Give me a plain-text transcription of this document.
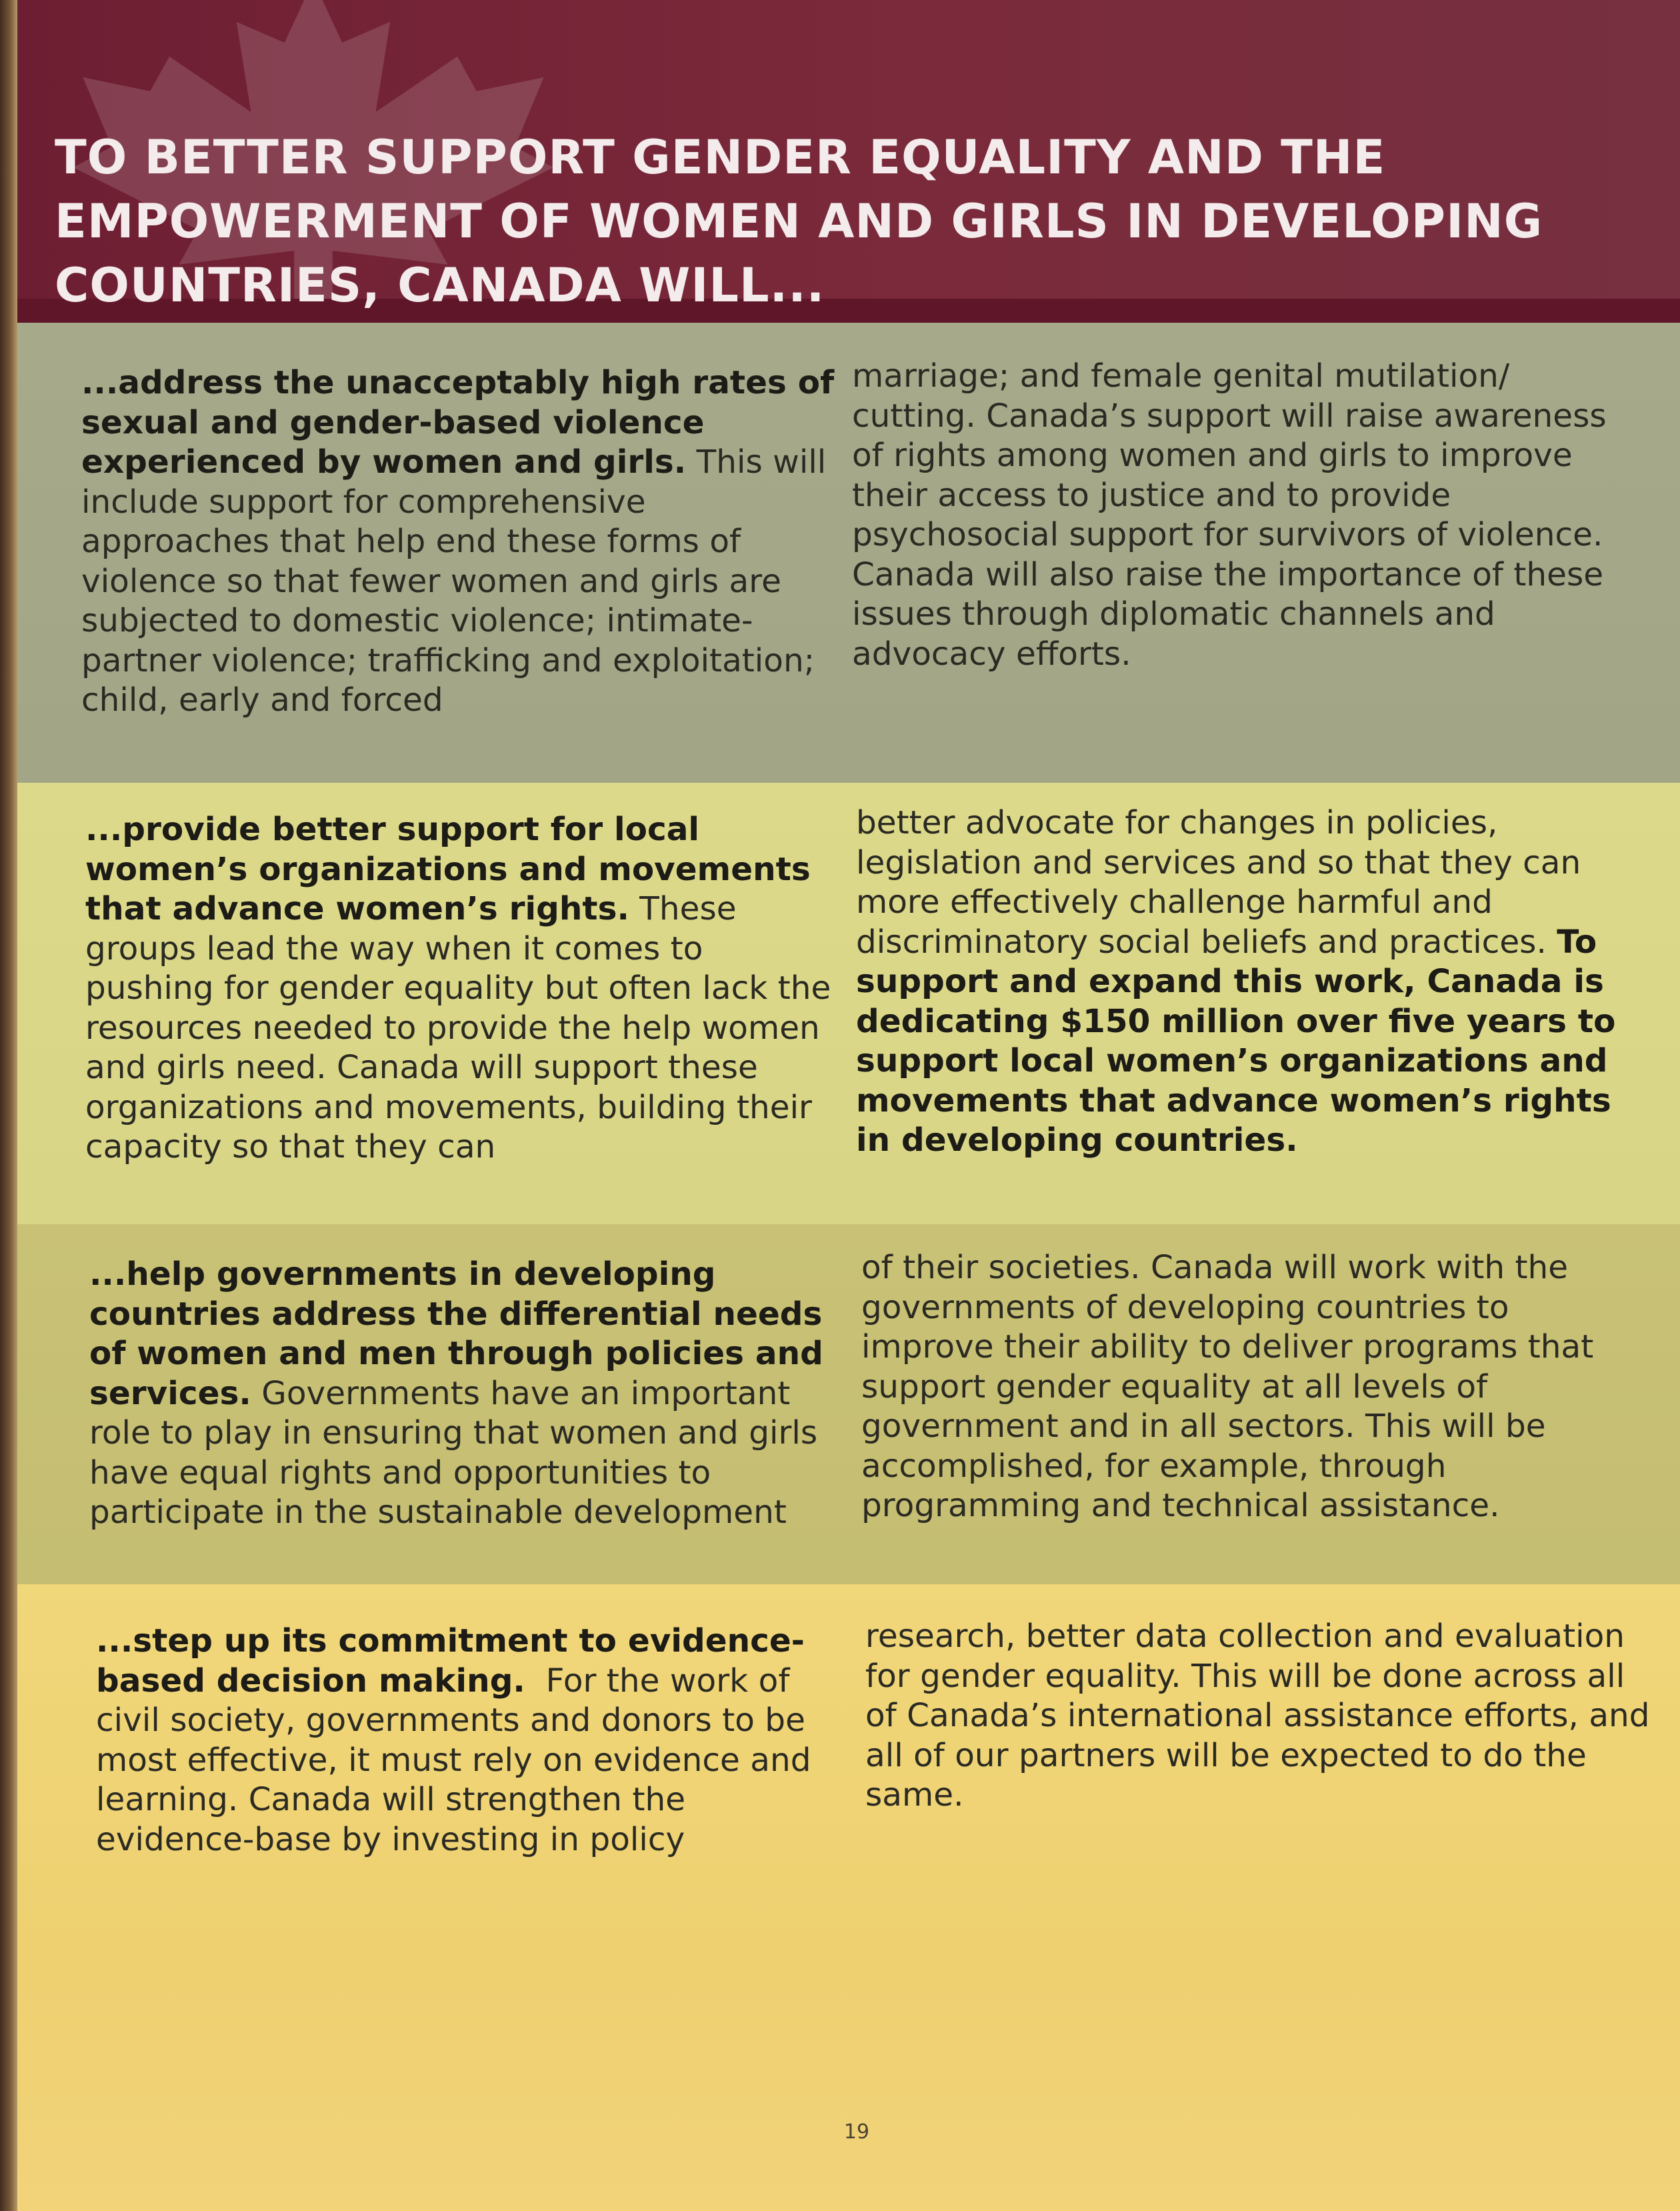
TO BETTER SUPPORT GENDER EQUALITY AND THE EMPOWERMENT OF WOMEN AND GIRLS IN DEVELOPING COUNTRIES, CANADA WILL...

...address the unacceptably high rates of sexual and gender-based violence experienced by women and girls. This will include support for comprehensive approaches that help end these forms of violence so that fewer women and girls are subjected to domestic violence; intimate-partner violence; trafficking and exploitation; child, early and forced

marriage; and female genital mutilation/ cutting. Canada’s support will raise awareness of rights among women and girls to improve their access to justice and to provide psychosocial support for survivors of violence. Canada will also raise the importance of these issues through diplomatic channels and advocacy efforts.

...provide better support for local women’s organizations and movements that advance women’s rights. These groups lead the way when it comes to pushing for gender equality but often lack the resources needed to provide the help women and girls need. Canada will support these organizations and movements, building their capacity so that they can

better advocate for changes in policies, legislation and services and so that they can more effectively challenge harmful and discriminatory social beliefs and practices. To support and expand this work, Canada is dedicating $150 million over five years to support local women’s organizations and movements that advance women’s rights in developing countries.

...help governments in developing countries address the differential needs of women and men through policies and services. Governments have an important role to play in ensuring that women and girls have equal rights and opportunities to participate in the sustainable development

of their societies. Canada will work with the governments of developing countries to improve their ability to deliver programs that support gender equality at all levels of government and in all sectors. This will be accomplished, for example, through programming and technical assistance.

...step up its commitment to evidence-based decision making.  For the work of civil society, governments and donors to be most effective, it must rely on evidence and learning. Canada will strengthen the evidence-base by investing in policy

research, better data collection and evaluation for gender equality. This will be done across all of Canada’s international assistance efforts, and all of our partners will be expected to do the same.

19
